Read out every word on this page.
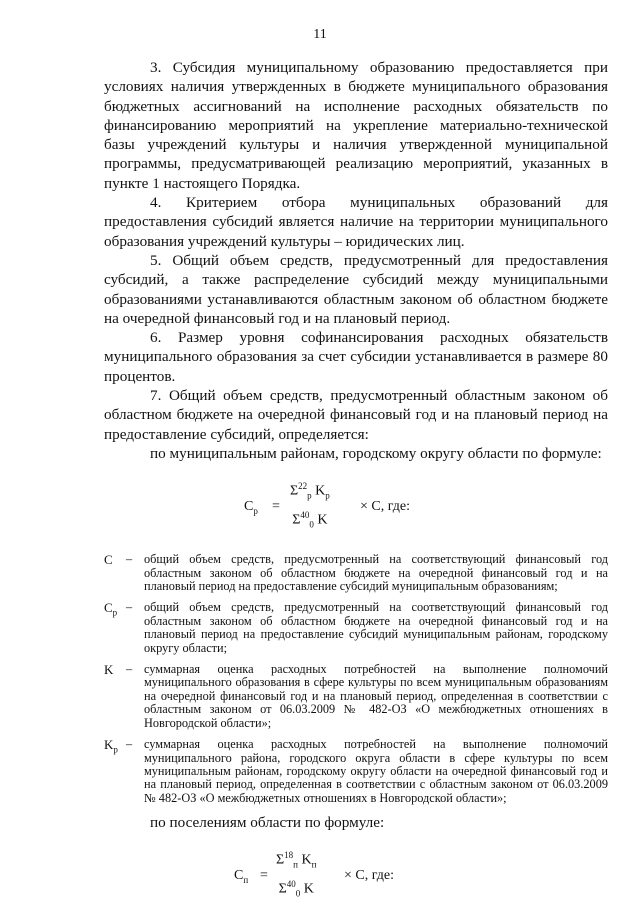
11

3. Субсидия муниципальному образованию предоставляется при условиях наличия утвержденных в бюджете муниципального образования бюджетных ассигнований на исполнение расходных обязательств по финансированию мероприятий на укрепление материально-технической базы учреждений культуры и наличия утвержденной муниципальной программы, предусматривающей реализацию мероприятий, указанных в пункте 1 настоящего Порядка.

4. Критерием отбора муниципальных образований для предоставления субсидий является наличие на территории муниципального образования учреждений культуры – юридических лиц.

5. Общий объем средств, предусмотренный для предоставления субсидий, а также распределение субсидий между муниципальными образованиями устанавливаются областным законом об областном бюджете на очередной финансовый год и на плановый период.

6. Размер уровня софинансирования расходных обязательств муниципального образования за счет субсидии устанавливается в размере 80 процентов.

7. Общий объем средств, предусмотренный областным законом об областном бюджете на очередной финансовый год и на плановый период на предоставление субсидий, определяется:

по муниципальным районам, городскому округу области по формуле:

$C_р$ =
$\Sigma^{22}_р$ $K_р$
$\Sigma^{40}_0$ K
× С, где:
C	– общий объем средств, предусмотренный на соответствующий финансовый год областным законом об областном бюджете на очередной финансовый год и на плановый период на предоставление субсидий муниципальным образованиям;
$C_р$ – общий объем средств, предусмотренный на соответствующий финансовый год областным законом об областном бюджете на очередной финансовый год и на плановый период на предоставление субсидий муниципальным районам, городскому округу области;
K	– суммарная оценка расходных потребностей на выполнение полномочий муниципального образования в сфере культуры по всем муниципальным образованиям на очередной финансовый год и на плановый период, определенная в соответствии с областным законом от 06.03.2009 № 482-ОЗ «О межбюджетных отношениях в Новгородской области»;
$K_р$ – суммарная оценка расходных потребностей на выполнение полномочий муниципального района, городского округа области в сфере культуры по всем муниципальным районам, городскому округу области на очередной финансовый год и на плановый период, определенная в соответствии с областным законом от 06.03.2009 № 482-ОЗ «О межбюджетных отношениях в Новгородской области»;

по поселениям области по формуле:

$C_п$ =
$\Sigma^{18}_п$ $K_п$
$\Sigma^{40}_0$ K
× С, где:
